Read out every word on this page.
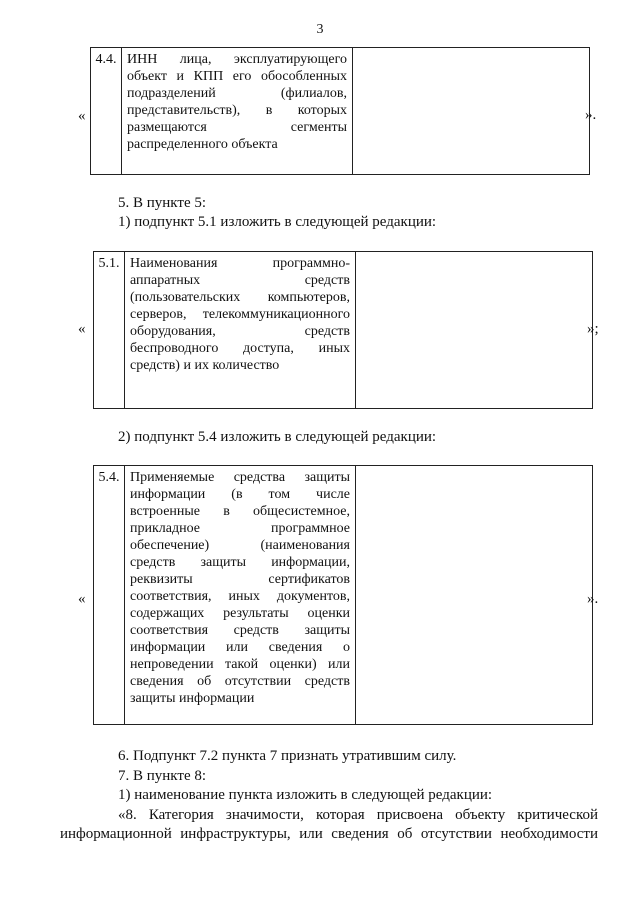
3
«
4.4.	ИНН лица, эксплуатирующего объект и КПП его обособленных подразделений (филиалов, представительств), в которых размещаются сегменты распределенного объекта	
».
5. В пункте 5:
1) подпункт 5.1 изложить в следующей редакции:
«
5.1.	Наименования программно-аппаратных средств (пользовательских компьютеров, серверов, телекоммуникационного оборудования, средств беспроводного доступа, иных средств) и их количество	
»;
2) подпункт 5.4 изложить в следующей редакции:
«
5.4.	Применяемые средства защиты информации (в том числе встроенные в общесистемное, прикладное программное обеспечение) (наименования средств защиты информации, реквизиты сертификатов соответствия, иных документов, содержащих результаты оценки соответствия средств защиты информации или сведения о непроведении такой оценки) или сведения об отсутствии средств защиты информации	
».
6. Подпункт 7.2 пункта 7 признать утратившим силу.
7. В пункте 8:
1) наименование пункта изложить в следующей редакции:
«8. Категория значимости, которая присвоена объекту критической
информационной инфраструктуры, или сведения об отсутствии необходимости
